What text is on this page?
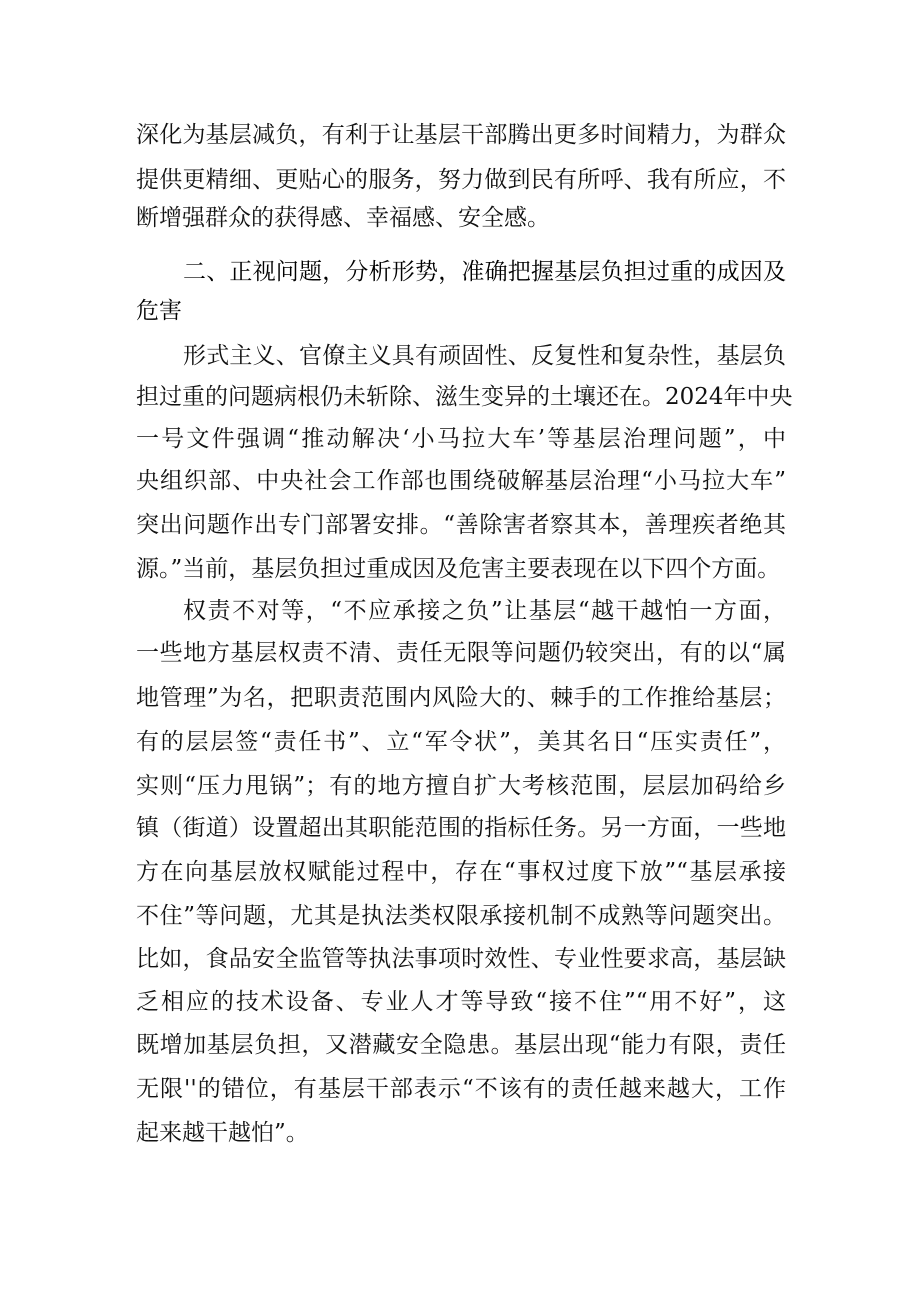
深化为基层减负，有利于让基层干部腾出更多时间精力，为群众
提供更精细、更贴心的服务，努力做到民有所呼、我有所应，不
断增强群众的获得感、幸福感、安全感。
二、正视问题，分析形势，准确把握基层负担过重的成因及
危害
形式主义、官僚主义具有顽固性、反复性和复杂性，基层负
担过重的问题病根仍未斩除、滋生变异的土壤还在。2024年中央
一号文件强调“推动解决‘小马拉大车’等基层治理问题”，中
央组织部、中央社会工作部也围绕破解基层治理“小马拉大车”
突出问题作出专门部署安排。“善除害者察其本，善理疾者绝其
源。”当前，基层负担过重成因及危害主要表现在以下四个方面。
权责不对等，“不应承接之负”让基层“越干越怕一方面，
一些地方基层权责不清、责任无限等问题仍较突出，有的以“属
地管理”为名，把职责范围内风险大的、棘手的工作推给基层；
有的层层签“责任书”、立“军令状”，美其名日“压实责任”，
实则“压力甩锅”；有的地方擅自扩大考核范围，层层加码给乡
镇（街道）设置超出其职能范围的指标任务。另一方面，一些地
方在向基层放权赋能过程中，存在“事权过度下放”“基层承接
不住”等问题，尤其是执法类权限承接机制不成熟等问题突出。
比如，食品安全监管等执法事项时效性、专业性要求高，基层缺
乏相应的技术设备、专业人才等导致“接不住”“用不好”，这
既增加基层负担，又潜藏安全隐患。基层出现“能力有限，责任
无限''的错位，有基层干部表示“不该有的责任越来越大，工作
起来越干越怕”。
